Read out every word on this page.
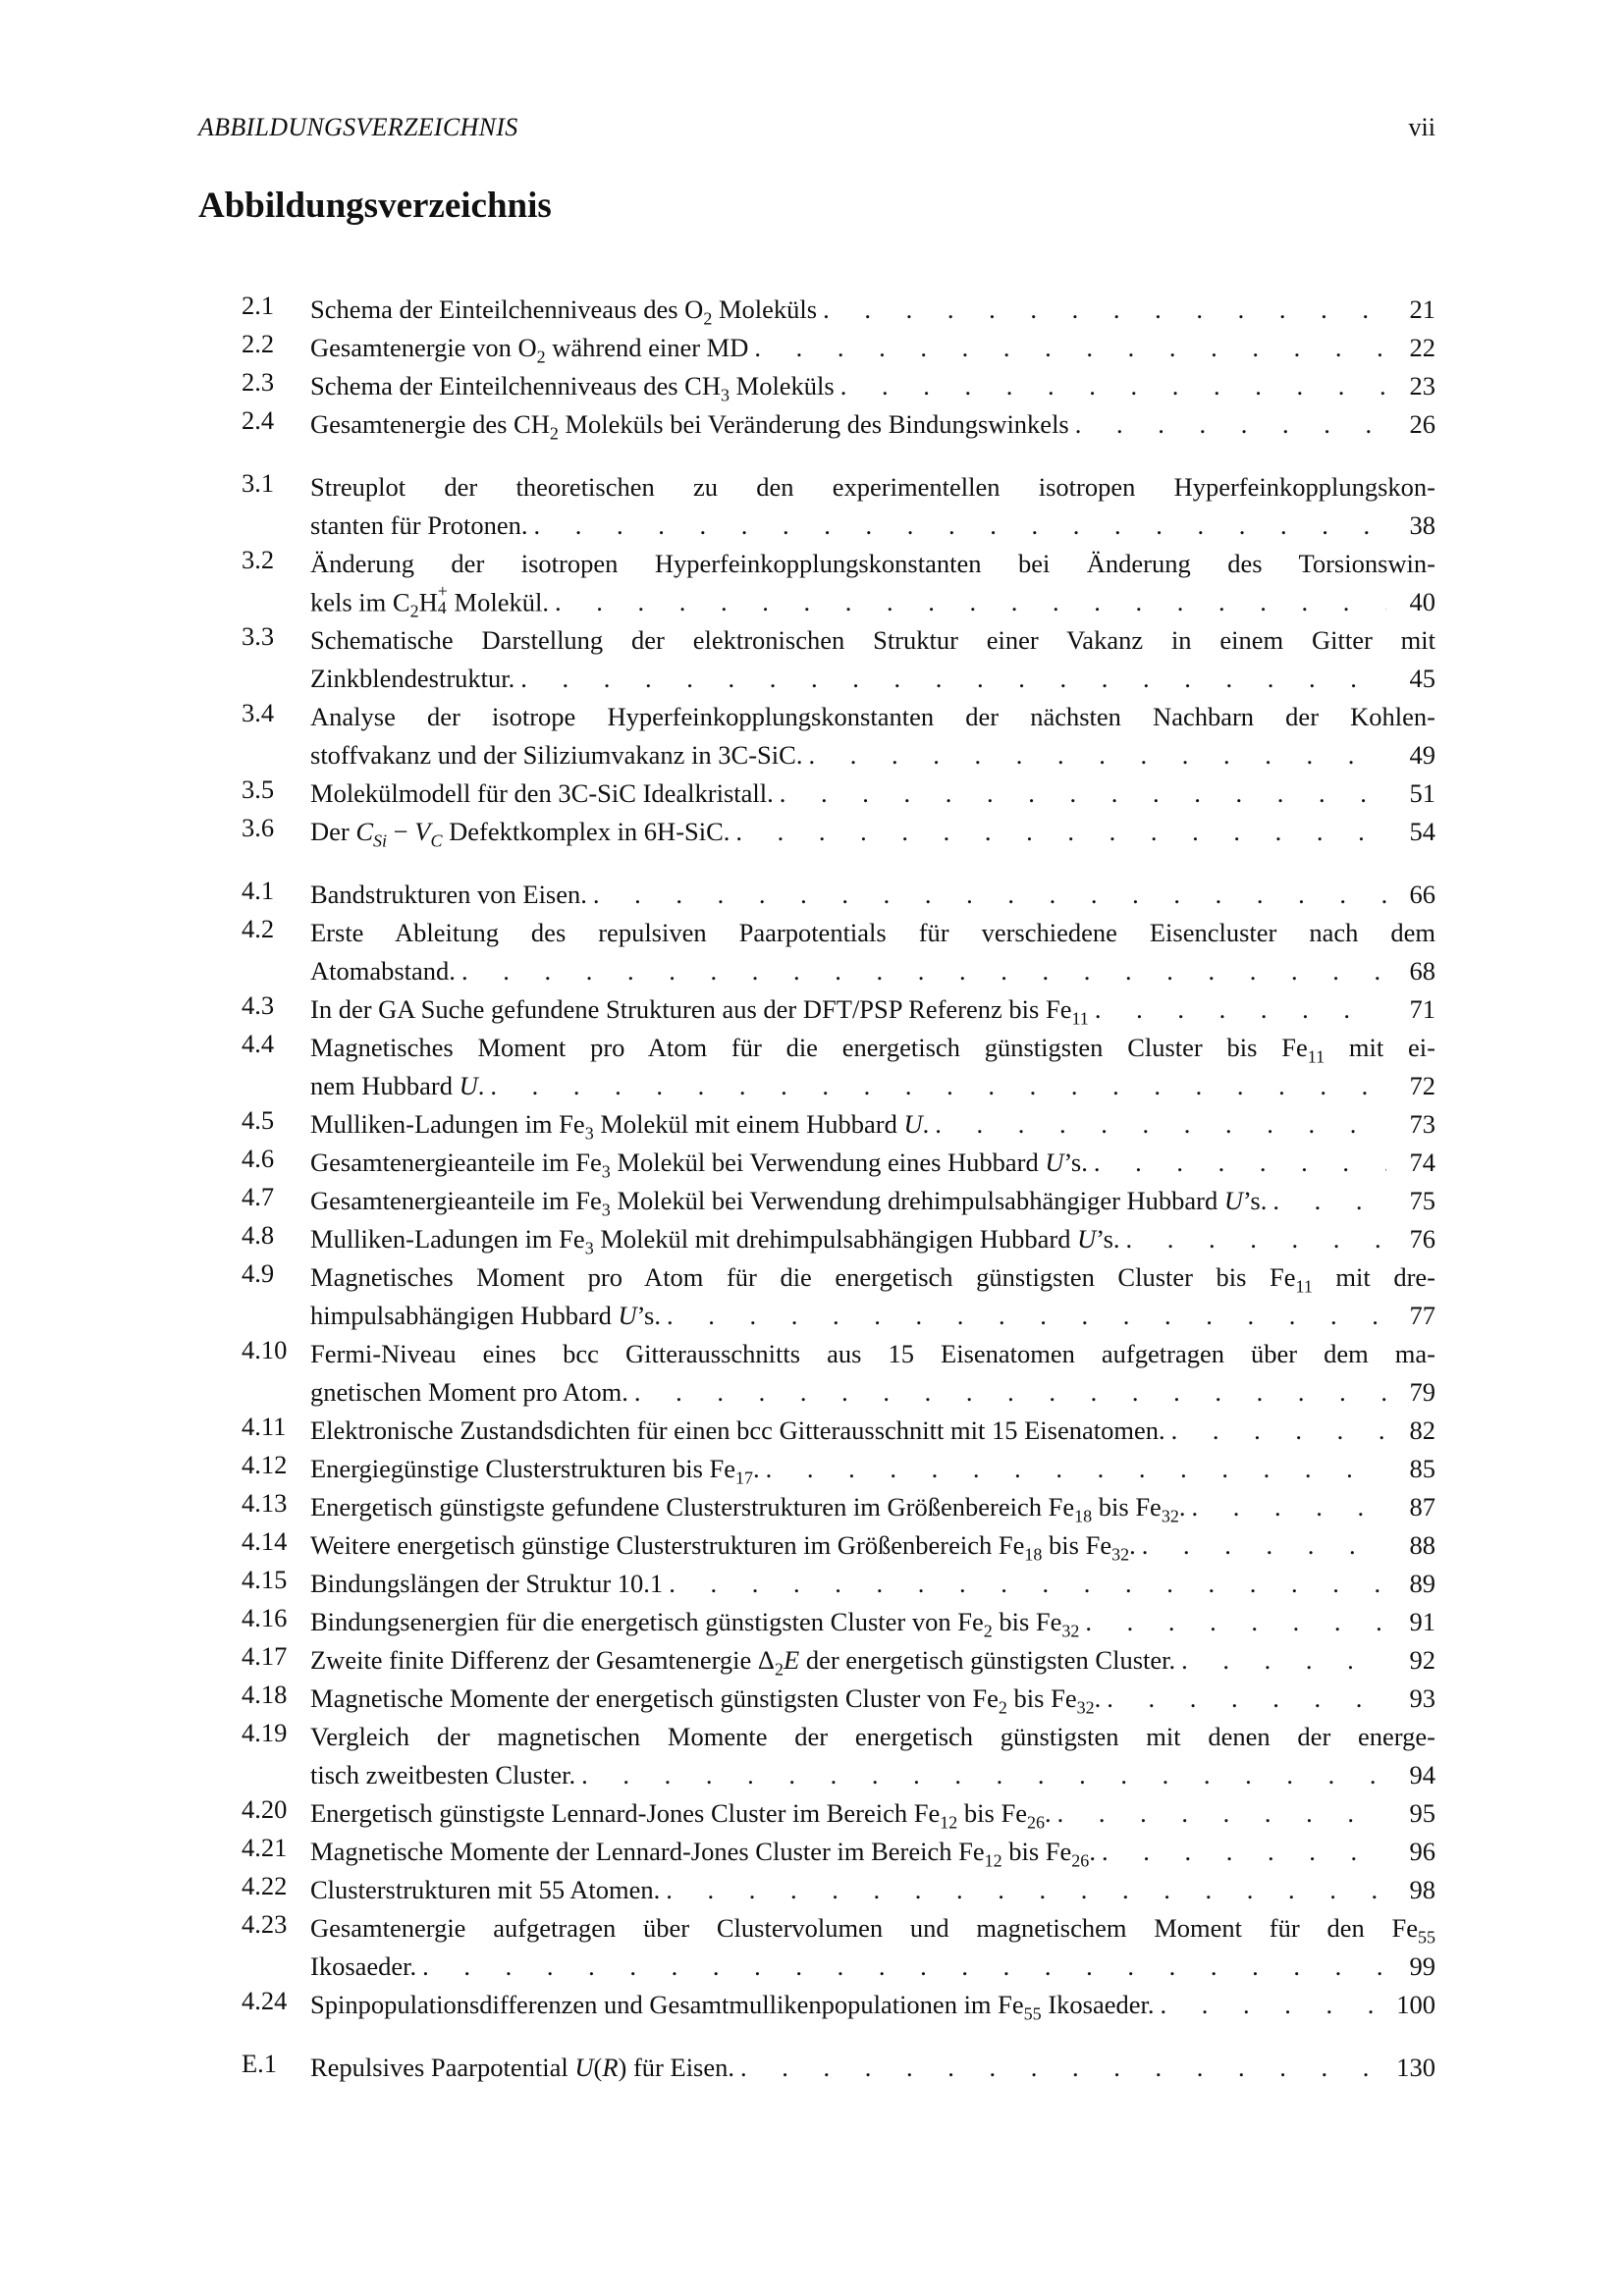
ABBILDUNGSVERZEICHNIS	vii
Abbildungsverzeichnis
2.1	Schema der Einteilchenniveaus des $O_2$ Moleküls . . .	21
2.2	Gesamtenergie von $O_2$ während einer MD . . .	22
2.3	Schema der Einteilchenniveaus des $CH_3$ Moleküls . . .	23
2.4	Gesamtenergie des $CH_2$ Moleküls bei Veränderung des Bindungswinkels . . .	26
3.1	Streuplot der theoretischen zu den experimentellen isotropen Hyperfeinkopplungskon-
stanten für Protonen. . . .	38
3.2	Änderung der isotropen Hyperfeinkopplungskonstanten bei Änderung des Torsionswin-
kels im $C_2H$ +
4 Molekül. . . .	40
3.3	Schematische Darstellung der elektronischen Struktur einer Vakanz in einem Gitter mit
Zinkblendestruktur. . . .	45
3.4	Analyse der isotrope Hyperfeinkopplungskonstanten der nächsten Nachbarn der Kohlen-
stoffvakanz und der Siliziumvakanz in 3C-SiC. . . .	49
3.5	Molekülmodell für den 3C-SiC Idealkristall. . . .	51
3.6	Der $C_{Si} - V_C$ Defektkomplex in 6H-SiC. . . .	54
4.1	Bandstrukturen von Eisen. . . .	66
4.2	Erste Ableitung des repulsiven Paarpotentials für verschiedene Eisencluster nach dem
Atomabstand. . . .	68
4.3	In der GA Suche gefundene Strukturen aus der DFT/PSP Referenz bis $Fe_{11}$ . . .	71
4.4	Magnetisches Moment pro Atom für die energetisch günstigsten Cluster bis $Fe_{11}$ mit ei-
nem Hubbard U. . . .	72
4.5	Mulliken-Ladungen im $Fe_3$ Molekül mit einem Hubbard U. . . .	73
4.6	Gesamtenergieanteile im $Fe_3$ Molekül bei Verwendung eines Hubbard U’s. . . .	74
4.7	Gesamtenergieanteile im $Fe_3$ Molekül bei Verwendung drehimpulsabhängiger Hubbard U’s. . . .	75
4.8	Mulliken-Ladungen im $Fe_3$ Molekül mit drehimpulsabhängigen Hubbard U’s. . . .	76
4.9	Magnetisches Moment pro Atom für die energetisch günstigsten Cluster bis $Fe_{11}$ mit dre-
himpulsabhängigen Hubbard U’s. . . .	77
4.10 Fermi-Niveau eines bcc Gitterausschnitts aus 15 Eisenatomen aufgetragen über dem ma-
gnetischen Moment pro Atom. . . .	79
4.11 Elektronische Zustandsdichten für einen bcc Gitterausschnitt mit 15 Eisenatomen. . . .	82
4.12 Energiegünstige Clusterstrukturen bis $Fe_{17}$. . . .	85
4.13 Energetisch günstigste gefundene Clusterstrukturen im Größenbereich $Fe_{18}$ bis $Fe_{32}$. . . .	87
4.14 Weitere energetisch günstige Clusterstrukturen im Größenbereich $Fe_{18}$ bis $Fe_{32}$. . . .	88
4.15 Bindungslängen der Struktur 10.1 . . .	89
4.16 Bindungsenergien für die energetisch günstigsten Cluster von $Fe_2$ bis $Fe_{32}$ . . .	91
4.17 Zweite finite Differenz der Gesamtenergie $\Delta_2E$ der energetisch günstigsten Cluster. . . .	92
4.18 Magnetische Momente der energetisch günstigsten Cluster von $Fe_2$ bis $Fe_{32}$. . . .	93
4.19 Vergleich der magnetischen Momente der energetisch günstigsten mit denen der energe-
tisch zweitbesten Cluster. . . .	94
4.20 Energetisch günstigste Lennard-Jones Cluster im Bereich $Fe_{12}$ bis $Fe_{26}$. . . .	95
4.21 Magnetische Momente der Lennard-Jones Cluster im Bereich $Fe_{12}$ bis $Fe_{26}$. . . .	96
4.22 Clusterstrukturen mit 55 Atomen. . . .	98
4.23 Gesamtenergie aufgetragen über Clustervolumen und magnetischem Moment für den $Fe_{55}$
Ikosaeder. . . .	99
4.24 Spinpopulationsdifferenzen und Gesamtmullikenpopulationen im $Fe_{55}$ Ikosaeder. . . .	100
E.1	Repulsives Paarpotential U(R) für Eisen. . . .	130
